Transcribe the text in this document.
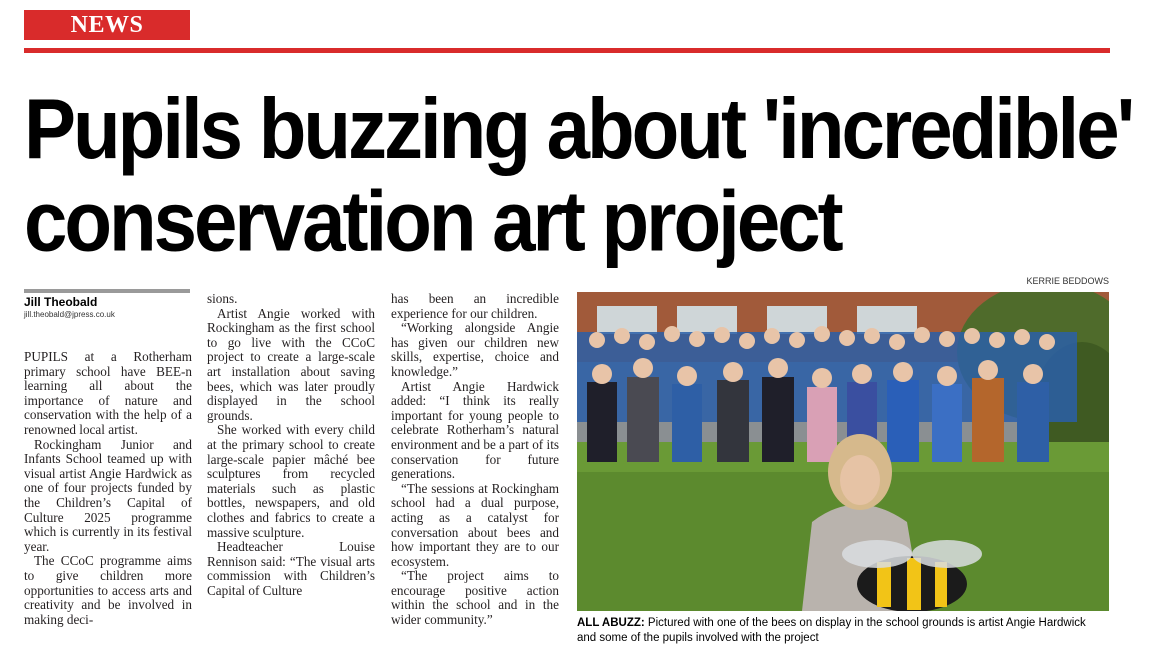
NEWS
Pupils buzzing about 'incredible'
conservation art project
Jill Theobald
jill.theobald@jpress.co.uk

PUPILS at a Rotherham primary school have BEE-n learning all about the importance of nature and conservation with the help of a renowned local artist.

Rockingham Junior and Infants School teamed up with visual artist Angie Hardwick as one of four projects funded by the Children’s Capital of Culture 2025 programme which is currently in its festival year.

The CCoC programme aims to give children more opportunities to access arts and creativity and be involved in making deci-

sions.

Artist Angie worked with Rockingham as the first school to go live with the CCoC project to create a large-scale art installation about saving bees, which was later proudly displayed in the school grounds.

She worked with every child at the primary school to create large-scale papier mâché bee sculptures from recycled materials such as plastic bottles, newspapers, and old clothes and fabrics to create a massive sculpture.

Headteacher Louise Rennison said: “The visual arts commission with Children’s Capital of Culture

has been an incredible experience for our children.

“Working alongside Angie has given our children new skills, expertise, choice and knowledge.”

Artist Angie Hardwick added: “I think its really important for young people to celebrate Rotherham’s natural environment and be a part of its conservation for future generations.

“The sessions at Rockingham school had a dual purpose, acting as a catalyst for conversation about bees and how important they are to our ecosystem.

“The project aims to encourage positive action within the school and in the wider community.”

KERRIE BEDDOWS
ALL ABUZZ: Pictured with one of the bees on display in the school grounds is artist Angie Hardwick and some of the pupils involved with the project
